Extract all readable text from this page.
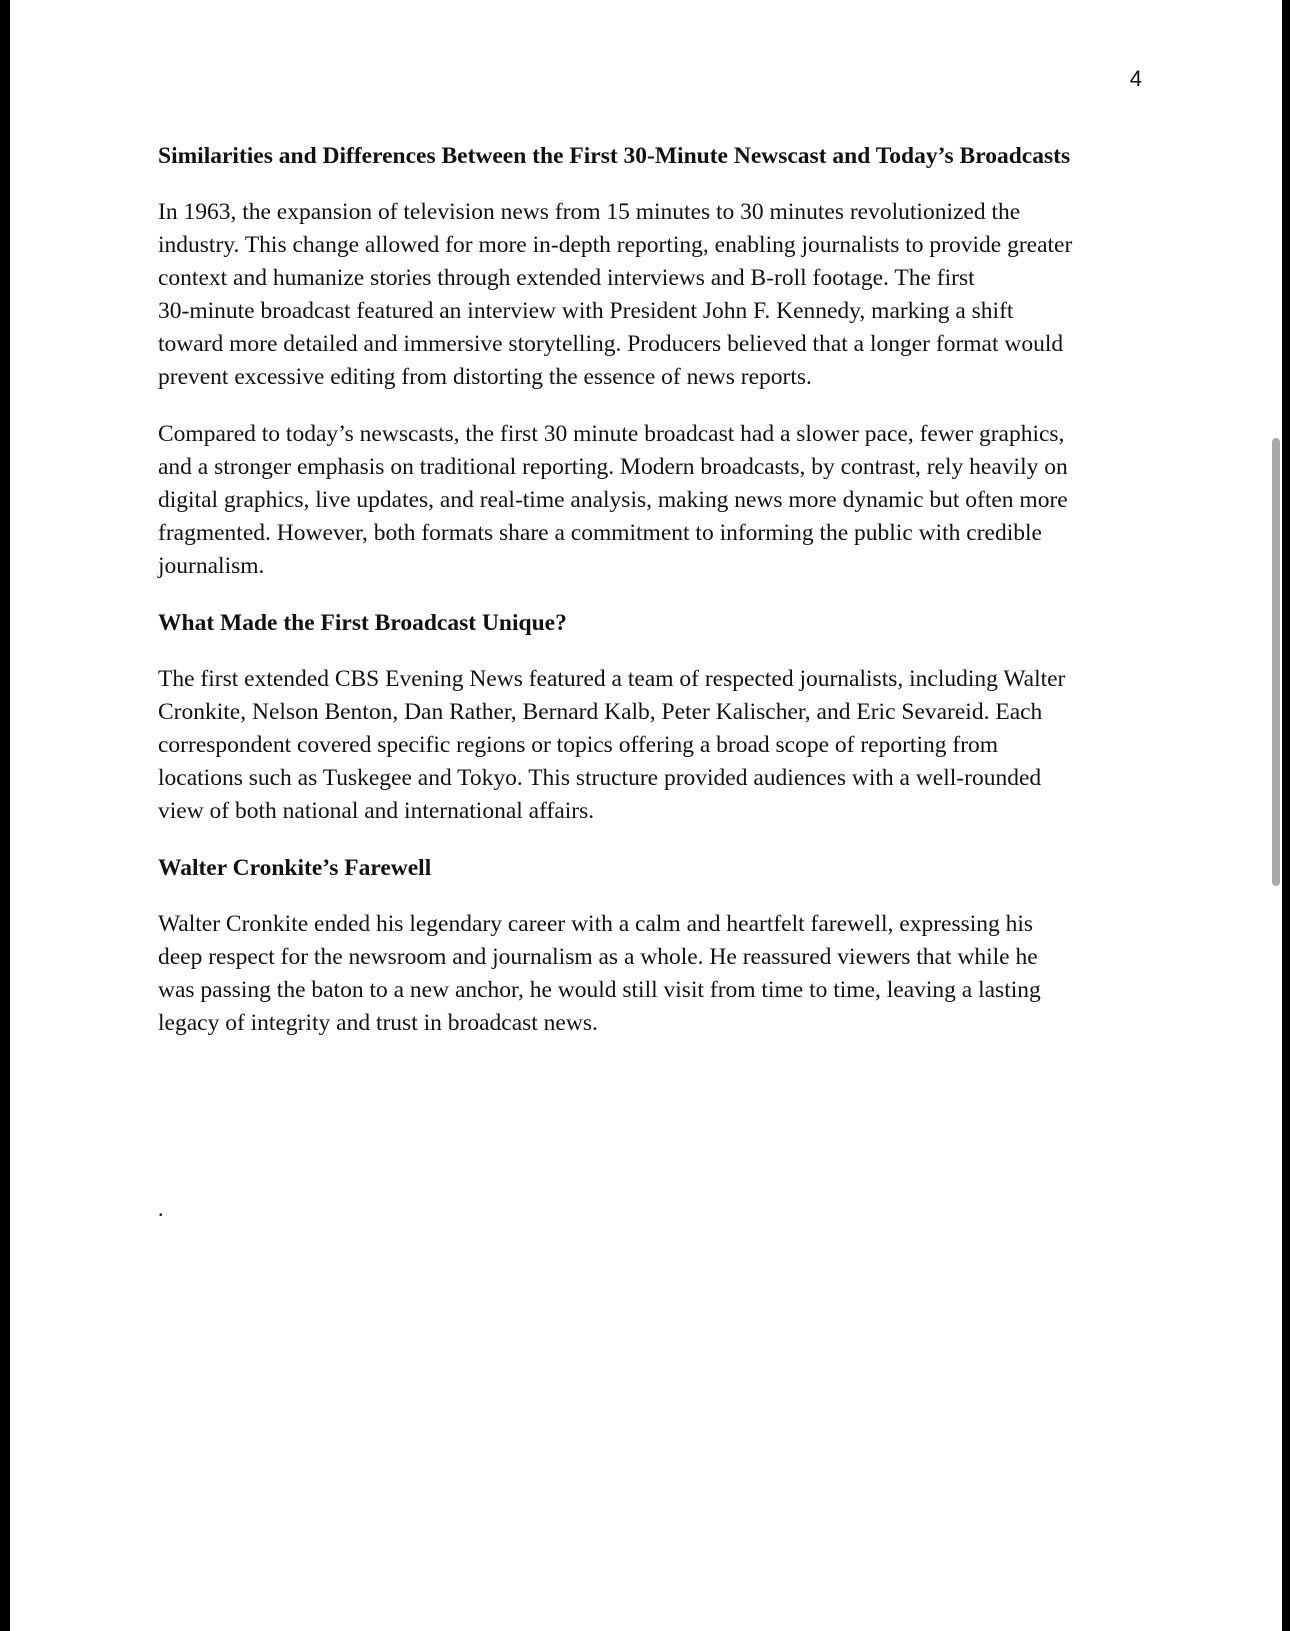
4

Similarities and Differences Between the First 30-Minute Newscast and Today’s Broadcasts

In 1963, the expansion of television news from 15 minutes to 30 minutes revolutionized the
industry. This change allowed for more in-depth reporting, enabling journalists to provide greater
context and humanize stories through extended interviews and B-roll footage. The first
30-minute broadcast featured an interview with President John F. Kennedy, marking a shift
toward more detailed and immersive storytelling. Producers believed that a longer format would
prevent excessive editing from distorting the essence of news reports.

Compared to today’s newscasts, the first 30 minute broadcast had a slower pace, fewer graphics,
and a stronger emphasis on traditional reporting. Modern broadcasts, by contrast, rely heavily on
digital graphics, live updates, and real-time analysis, making news more dynamic but often more
fragmented. However, both formats share a commitment to informing the public with credible
journalism.

What Made the First Broadcast Unique?

The first extended CBS Evening News featured a team of respected journalists, including Walter
Cronkite, Nelson Benton, Dan Rather, Bernard Kalb, Peter Kalischer, and Eric Sevareid. Each
correspondent covered specific regions or topics offering a broad scope of reporting from
locations such as Tuskegee and Tokyo. This structure provided audiences with a well-rounded
view of both national and international affairs.

Walter Cronkite’s Farewell

Walter Cronkite ended his legendary career with a calm and heartfelt farewell, expressing his
deep respect for the newsroom and journalism as a whole. He reassured viewers that while he
was passing the baton to a new anchor, he would still visit from time to time, leaving a lasting
legacy of integrity and trust in broadcast news.

.
